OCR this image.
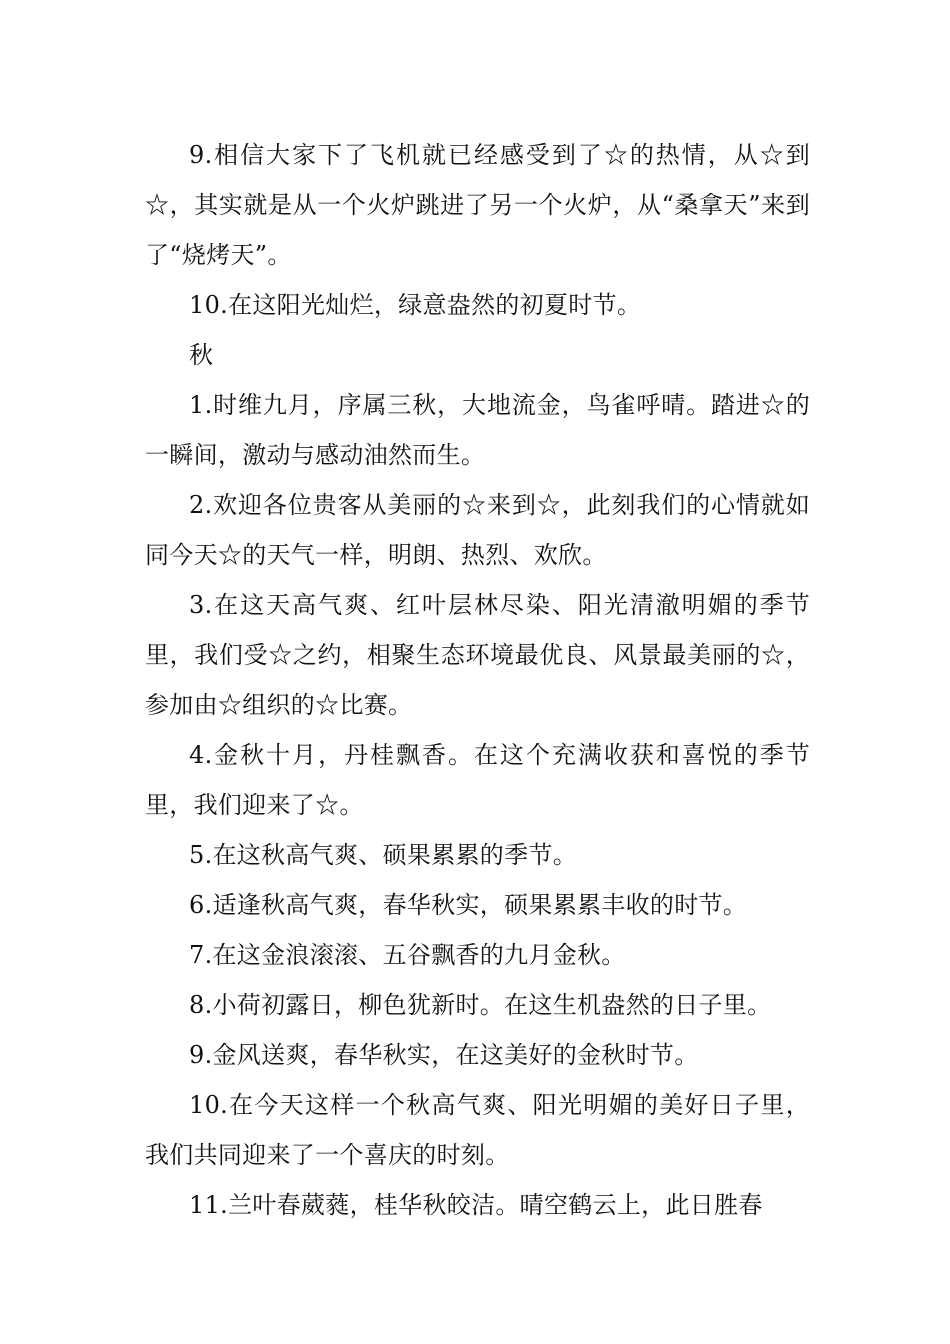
9.相信大家下了飞机就已经感受到了☆的热情，从☆到☆，其实就是从一个火炉跳进了另一个火炉，从“桑拿天”来到了“烧烤天”。

10.在这阳光灿烂，绿意盎然的初夏时节。

秋

1.时维九月，序属三秋，大地流金，鸟雀呼晴。踏进☆的一瞬间，激动与感动油然而生。

2.欢迎各位贵客从美丽的☆来到☆，此刻我们的心情就如同今天☆的天气一样，明朗、热烈、欢欣。

3.在这天高气爽、红叶层林尽染、阳光清澈明媚的季节里，我们受☆之约，相聚生态环境最优良、风景最美丽的☆，参加由☆组织的☆比赛。

4.金秋十月，丹桂飘香。在这个充满收获和喜悦的季节里，我们迎来了☆。

5.在这秋高气爽、硕果累累的季节。

6.适逢秋高气爽，春华秋实，硕果累累丰收的时节。

7.在这金浪滚滚、五谷飘香的九月金秋。

8.小荷初露日，柳色犹新时。在这生机盎然的日子里。

9.金风送爽，春华秋实，在这美好的金秋时节。

10.在今天这样一个秋高气爽、阳光明媚的美好日子里，我们共同迎来了一个喜庆的时刻。

11.兰叶春葳蕤，桂华秋皎洁。晴空鹤云上，此日胜春
